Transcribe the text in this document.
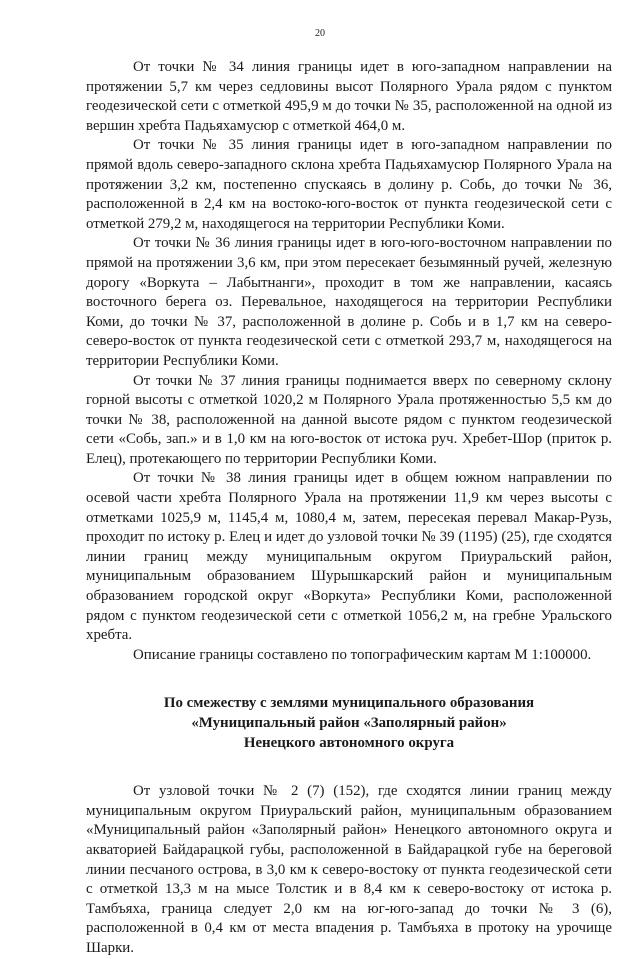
20

От точки № 34 линия границы идет в юго-западном направлении на протяжении 5,7 км через седловины высот Полярного Урала рядом с пунктом геодезической сети с отметкой 495,9 м до точки № 35, расположенной на одной из вершин хребта Падьяхамусюр с отметкой 464,0 м.

От точки № 35 линия границы идет в юго-западном направлении по прямой вдоль северо-западного склона хребта Падьяхамусюр Полярного Урала на протяжении 3,2 км, постепенно спускаясь в долину р. Собь, до точки № 36, расположенной в 2,4 км на востоко-юго-восток от пункта геодезической сети с отметкой 279,2 м, находящегося на территории Республики Коми.

От точки № 36 линия границы идет в юго-юго-восточном направлении по прямой на протяжении 3,6 км, при этом пересекает безымянный ручей, железную дорогу «Воркута – Лабытнанги», проходит в том же направлении, касаясь восточного берега оз. Перевальное, находящегося на территории Республики Коми, до точки № 37, расположенной в долине р. Собь и в 1,7 км на северо-северо-восток от пункта геодезической сети с отметкой 293,7 м, находящегося на территории Республики Коми.

От точки № 37 линия границы поднимается вверх по северному склону горной высоты с отметкой 1020,2 м Полярного Урала протяженностью 5,5 км до точки № 38, расположенной на данной высоте рядом с пунктом геодезической сети «Собь, зап.» и в 1,0 км на юго-восток от истока руч. Хребет-Шор (приток р. Елец), протекающего по территории Республики Коми.

От точки № 38 линия границы идет в общем южном направлении по осевой части хребта Полярного Урала на протяжении 11,9 км через высоты с отметками 1025,9 м, 1145,4 м, 1080,4 м, затем, пересекая перевал Макар-Рузь, проходит по истоку р. Елец и идет до узловой точки № 39 (1195) (25), где сходятся линии границ между муниципальным округом Приуральский район, муниципальным образованием Шурышкарский район и муниципальным образованием городской округ «Воркута» Республики Коми, расположенной рядом с пунктом геодезической сети с отметкой 1056,2 м, на гребне Уральского хребта.

Описание границы составлено по топографическим картам М 1:100000.

По смежеству с землями муниципального образования
«Муниципальный район «Заполярный район»
Ненецкого автономного округа

От узловой точки № 2 (7) (152), где сходятся линии границ между муниципальным округом Приуральский район, муниципальным образованием «Муниципальный район «Заполярный район» Ненецкого автономного округа и акваторией Байдарацкой губы, расположенной в Байдарацкой губе на береговой линии песчаного острова, в 3,0 км к северо-востоку от пункта геодезической сети с отметкой 13,3 м на мысе Толстик и в 8,4 км к северо-востоку от истока р. Тамбъяха, граница следует 2,0 км на юг-юго-запад до точки № 3 (6), расположенной в 0,4 км от места впадения р. Тамбъяха в протоку на урочище Шарки.
